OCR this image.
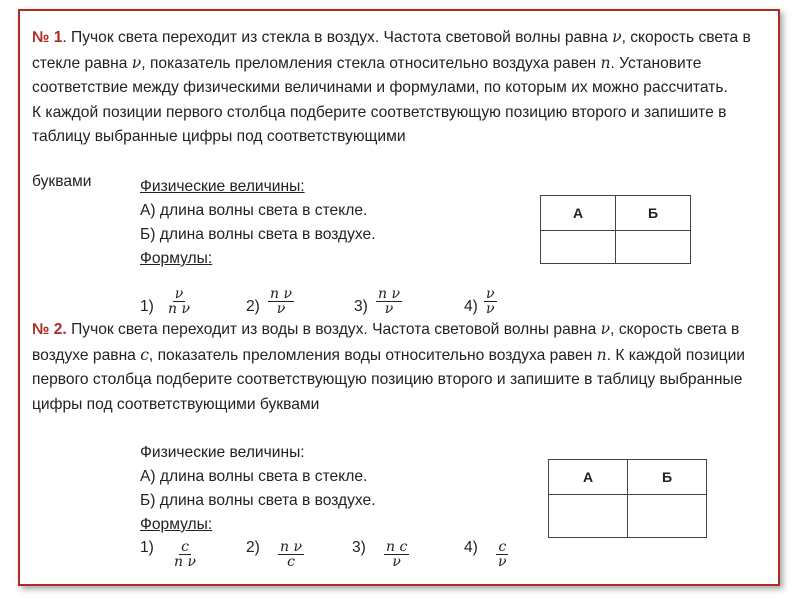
№ 1. Пучок света переходит из стекла в воздух. Частота световой волны равна ν, скорость света в стекле равна ν, показатель преломления стекла относительно воздуха равен n. Установите соответствие между физическими величинами и формулами, по которым их можно рассчитать.
К каждой позиции первого столбца подберите соответствующую позицию второго и запишите в таблицу выбранные цифры под соответствующими
буквами	Физические величины:
А) длина волны света в стекле.
Б) длина волны света в воздухе.
Формулы:
А	Б

$1) \frac{\nu}{\text{n ν}}$	$2) \frac{\text{n ν}}{\nu}$	$3) \frac{\text{n ν}}{\nu}$	$4) \frac{\nu}{\nu}$
№ 2. Пучок света переходит из воды в воздух. Частота световой волны равна ν, скорость света в воздухе равна c, показатель преломления воды относительно воздуха равен n. К каждой позиции первого столбца подберите соответствующую позицию второго и запишите в таблицу выбранные цифры под соответствующими буквами
Физические величины:
А) длина волны света в стекле.
Б) длина волны света в воздухе.
Формулы:
А	Б

$1) \frac{c}{\text{n ν}}$	$2) \frac{\text{n ν}}{c}$	$3) \frac{\text{n c}}{\nu}$	$4) \frac{c}{\nu}$
